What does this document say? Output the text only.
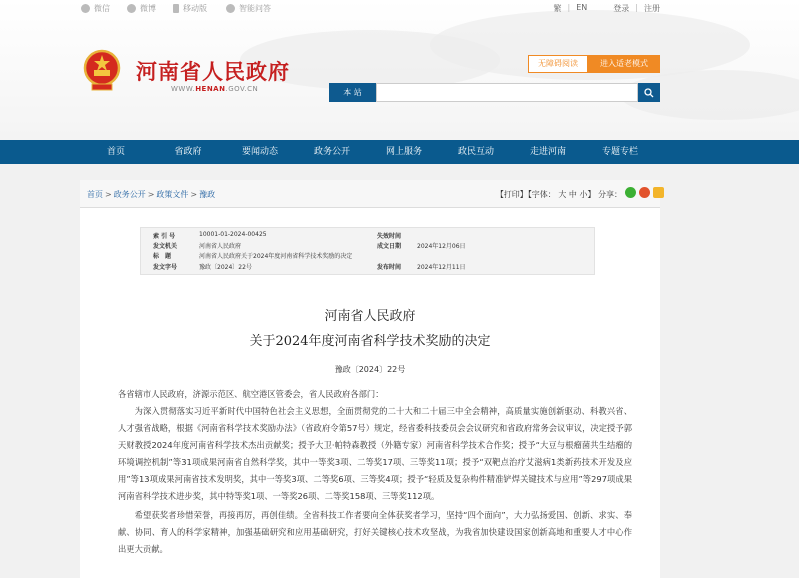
微信	微博	移动版	智能问答	繁 | EN	登录 | 注册
河南省人民政府
WWW.HENAN.GOV.CN
无障碍阅读	进入适老模式
本 站
首页	省政府	要闻动态	政务公开	网上服务	政民互动	走进河南	专题专栏
首页 > 政务公开 > 政策文件 > 豫政	【打印】【字体： 大 中 小】 分享：
索 引 号	10001-01-2024-00425	失效时间
发文机关	河南省人民政府	成文日期	2024年12月06日
标　题	河南省人民政府关于2024年度河南省科学技术奖励的决定
发文字号	豫政〔2024〕22号	发布时间	2024年12月11日
河南省人民政府
关于2024年度河南省科学技术奖励的决定
豫政〔2024〕22号

各省辖市人民政府，济源示范区、航空港区管委会，省人民政府各部门：

为深入贯彻落实习近平新时代中国特色社会主义思想，全面贯彻党的二十大和二十届三中全会精神，高质量实施创新驱动、科教兴省、人才强省战略，根据《河南省科学技术奖励办法》（省政府令第57号）规定，经省委科技委员会会议研究和省政府常务会议审议，决定授予郭天财教授2024年度河南省科学技术杰出贡献奖；授予大卫·帕特森教授（外籍专家）河南省科学技术合作奖；授予“大豆与根瘤菌共生结瘤的环境调控机制”等31项成果河南省自然科学奖，其中一等奖3项、二等奖17项、三等奖11项；授予“双靶点治疗艾滋病1类新药技术开发及应用”等13项成果河南省技术发明奖，其中一等奖3项、二等奖6项、三等奖4项；授予“轻质及复杂构件精准铲焊关键技术与应用”等297项成果河南省科学技术进步奖，其中特等奖1项、一等奖26项、二等奖158项、三等奖112项。

希望获奖者珍惜荣誉，再接再厉，再创佳绩。全省科技工作者要向全体获奖者学习，坚持“四个面向”，大力弘扬爱国、创新、求实、奉献、协同、育人的科学家精神，加强基础研究和应用基础研究，打好关键核心技术攻坚战，为我省加快建设国家创新高地和重要人才中心作出更大贡献。
